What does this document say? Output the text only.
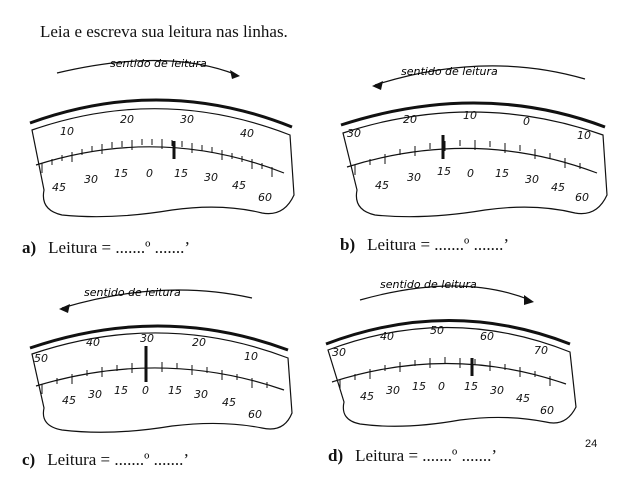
Leia e escreva sua leitura nas linhas.
sentido de leitura
10
20	30
40
45
30 15 0 15 30
45
60
a) Leitura = .......º .......’
sentido de leitura
30
20	10	0
10
45
30 15 0 15 30
45
60
b) Leitura = .......º .......’
sentido de leitura
50
40	30	20
10
45 30 15 0 15 30
45
60
c) Leitura = .......º .......’
sentido de leitura
30
40	50	60
70
45 30 15 0 15 30
45
60
d) Leitura = .......º .......’
24
